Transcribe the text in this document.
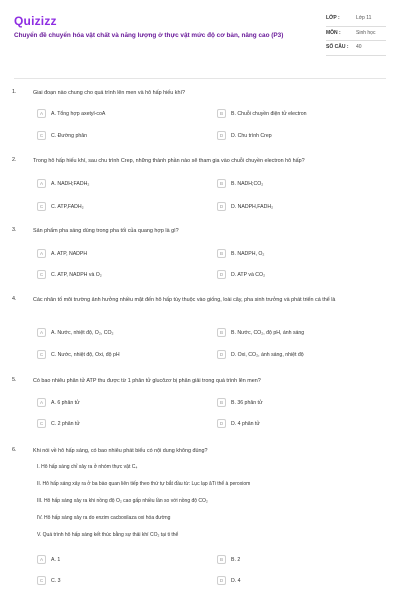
Quizizz
Chuyển đề chuyển hóa vật chất và năng lượng ở thực vật mức độ cơ bản, nâng cao (P3)
LỚP :	Lớp 11
MÔN :	Sinh học
SỐ CÂU :	40
1.	Giai đoạn nào chung cho quá trình lên men và hô hấp hiếu khí?
A	A. Tổng hợp axetyl-coA	B	B. Chuỗi chuyền điện tử electron
C	C. Đường phân	D	D. Chu trình Crep
2.	Trong hô hấp hiếu khí, sau chu trình Crep, những thành phần nào sẽ tham gia vào chuỗi chuyền electron hô hấp?
A	A. NADH;FADH₂	B	B. NADH;CO₂
C	C. ATP,FADH₂	D	D. NADPH,FADH₂
3.	Sản phẩm pha sáng dùng trong pha tối của quang hợp là gì?
A	A. ATP, NADPH	B	B. NADPH, O₂
C	C. ATP, NADPH và O₂	D	D. ATP và CO₂
4.	Các nhân tố môi trường ảnh hưởng nhiều mặt đến hô hấp tùy thuộc vào giống, loài cây, pha sinh trưởng và phát triển cá thể là
A	A. Nước, nhiệt độ, O₂, CO₂	B	B. Nước, CO₂, độ pH, ánh sáng
C	C. Nước, nhiệt độ, Oxi, độ pH	D	D. Oxi, CO₂, ánh sáng, nhiệt độ
5.	Có bao nhiêu phân tử ATP thu được từ 1 phân tử glucôzơ bị phân giải trong quá trình lên men?
A	A. 6 phân tử	B	B. 36 phân tử
C	C. 2 phân tử	D	D. 4 phân tử
6.	Khi nói về hô hấp sáng, có bao nhiêu phát biểu có nội dung không đúng?
I. Hô hấp sáng chỉ xảy ra ở nhóm thực vật C₄
II. Hô hấp sáng xảy ra ở ba bào quan liên tiếp theo thứ tự bắt đầu từ: Lục lạp âTi thể à peroxiom
III. Hô hấp sáng xảy ra khi nồng độ O₂ cao gấp nhiều lần so với nồng độ CO₂
IV. Hô hấp sáng xảy ra do enzim cacboxilaza oxi hóa đường
V. Quá trình hô hấp sáng kết thúc bằng sự thải khí CO₂ tại ti thể
A	A. 1	B	B. 2
C	C. 3	D	D. 4
